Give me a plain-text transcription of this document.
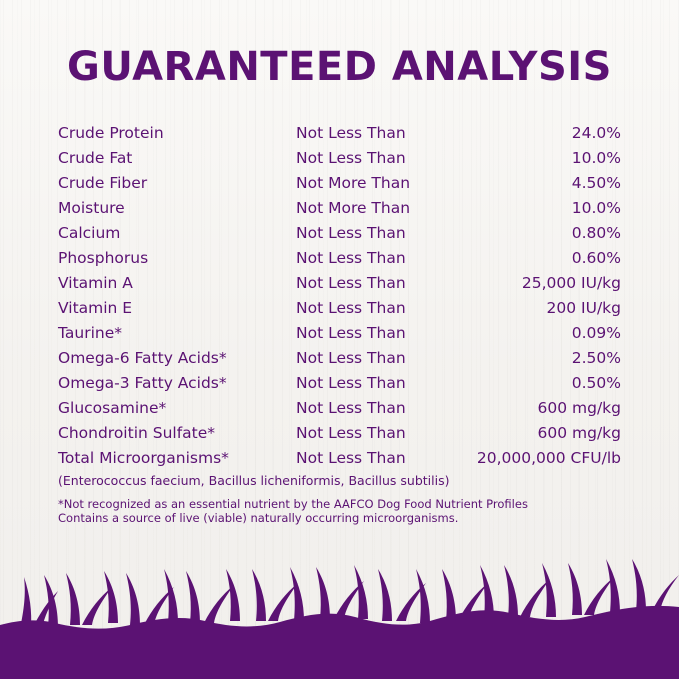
GUARANTEED ANALYSIS
Crude Protein	Not Less Than	24.0%
Crude Fat	Not Less Than	10.0%
Crude Fiber	Not More Than	4.50%
Moisture	Not More Than	10.0%
Calcium	Not Less Than	0.80%
Phosphorus	Not Less Than	0.60%
Vitamin A	Not Less Than	25,000 IU/kg
Vitamin E	Not Less Than	200 IU/kg
Taurine*	Not Less Than	0.09%
Omega-6 Fatty Acids*	Not Less Than	2.50%
Omega-3 Fatty Acids*	Not Less Than	0.50%
Glucosamine*	Not Less Than	600 mg/kg
Chondroitin Sulfate*	Not Less Than	600 mg/kg
Total Microorganisms*	Not Less Than	20,000,000 CFU/lb
(Enterococcus faecium, Bacillus licheniformis, Bacillus subtilis)
*Not recognized as an essential nutrient by the AAFCO Dog Food Nutrient Profiles
Contains a source of live (viable) naturally occurring microorganisms.
